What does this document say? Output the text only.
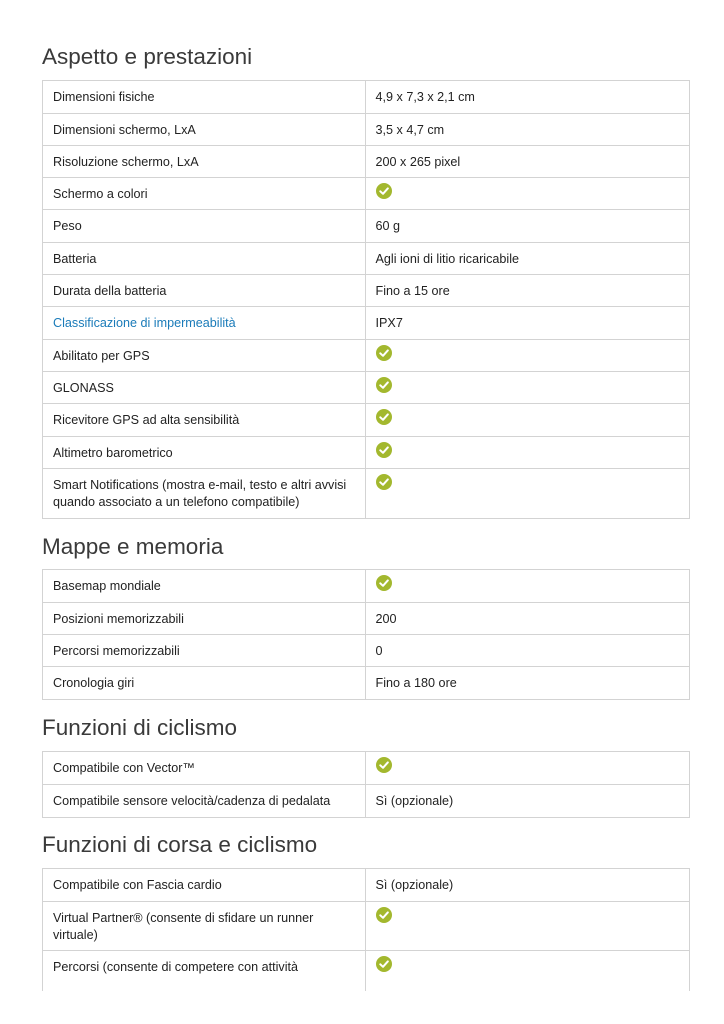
Aspetto e prestazioni
Dimensioni fisiche	4,9 x 7,3 x 2,1 cm
Dimensioni schermo, LxA	3,5 x 4,7 cm
Risoluzione schermo, LxA	200 x 265 pixel
Schermo a colori	
Peso	60 g
Batteria	Agli ioni di litio ricaricabile
Durata della batteria	Fino a 15 ore
Classificazione di impermeabilità	IPX7
Abilitato per GPS	
GLONASS	
Ricevitore GPS ad alta sensibilità	
Altimetro barometrico	
Smart Notifications (mostra e-mail, testo e altri avvisi quando associato a un telefono compatibile)	
Mappe e memoria
Basemap mondiale	
Posizioni memorizzabili	200
Percorsi memorizzabili	0
Cronologia giri	Fino a 180 ore
Funzioni di ciclismo
Compatibile con Vector™	
Compatibile sensore velocità/cadenza di pedalata	Sì (opzionale)
Funzioni di corsa e ciclismo
Compatibile con Fascia cardio	Sì (opzionale)
Virtual Partner® (consente di sfidare un runner virtuale)	
Percorsi (consente di competere con attività	
